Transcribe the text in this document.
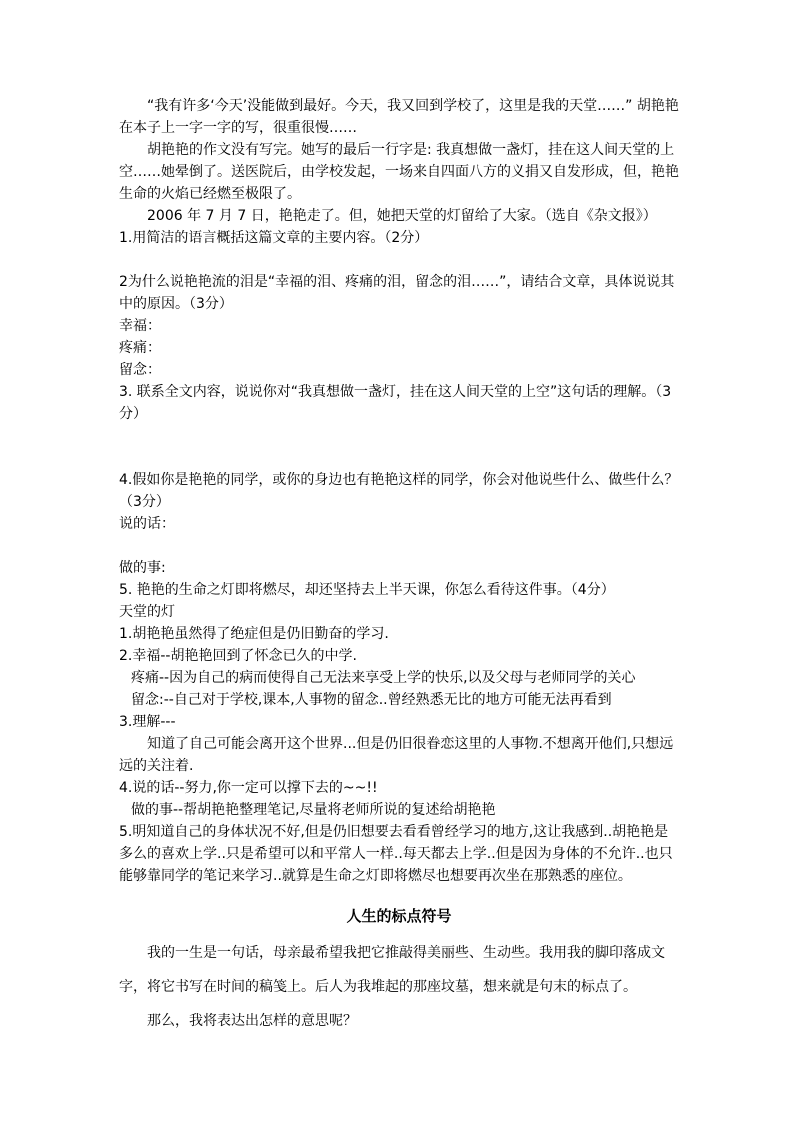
“我有许多‘今天’没能做到最好。今天，我又回到学校了，这里是我的天堂……” 胡艳艳在本子上一字一字的写，很重很慢……

胡艳艳的作文没有写完。她写的最后一行字是: 我真想做一盏灯，挂在这人间天堂的上空……她晕倒了。送医院后，由学校发起，一场来自四面八方的义捐又自发形成，但，艳艳生命的火焰已经燃至极限了。

2006 年 7 月 7 日，艳艳走了。但，她把天堂的灯留给了大家。（选自《杂文报》）

1.用简洁的语言概括这篇文章的主要内容。（2分）

2为什么说艳艳流的泪是“幸福的泪、疼痛的泪，留念的泪……”，请结合文章，具体说说其中的原因。（3分）

幸福：

疼痛：

留念：

3. 联系全文内容，说说你对“我真想做一盏灯，挂在这人间天堂的上空”这句话的理解。（3分）

4.假如你是艳艳的同学，或你的身边也有艳艳这样的同学，你会对他说些什么、做些什么？（3分）

说的话：

做的事:

5. 艳艳的生命之灯即将燃尽，却还坚持去上半天课，你怎么看待这件事。（4分）

天堂的灯

1.胡艳艳虽然得了绝症但是仍旧勤奋的学习.

2.幸福--胡艳艳回到了怀念已久的中学.

疼痛--因为自己的病而使得自己无法来享受上学的快乐,以及父母与老师同学的关心

留念:--自己对于学校,课本,人事物的留念..曾经熟悉无比的地方可能无法再看到

3.理解---

知道了自己可能会离开这个世界...但是仍旧很眷恋这里的人事物.不想离开他们,只想远远的关注着.

4.说的话--努力,你一定可以撑下去的~~!!

做的事--帮胡艳艳整理笔记,尽量将老师所说的复述给胡艳艳

5.明知道自己的身体状况不好,但是仍旧想要去看看曾经学习的地方,这让我感到..胡艳艳是多么的喜欢上学..只是希望可以和平常人一样..每天都去上学..但是因为身体的不允许..也只能够靠同学的笔记来学习..就算是生命之灯即将燃尽也想要再次坐在那熟悉的座位。

人生的标点符号

我的一生是一句话，母亲最希望我把它推敲得美丽些、生动些。我用我的脚印落成文字，将它书写在时间的稿笺上。后人为我堆起的那座坟墓，想来就是句末的标点了。

那么，我将表达出怎样的意思呢？
